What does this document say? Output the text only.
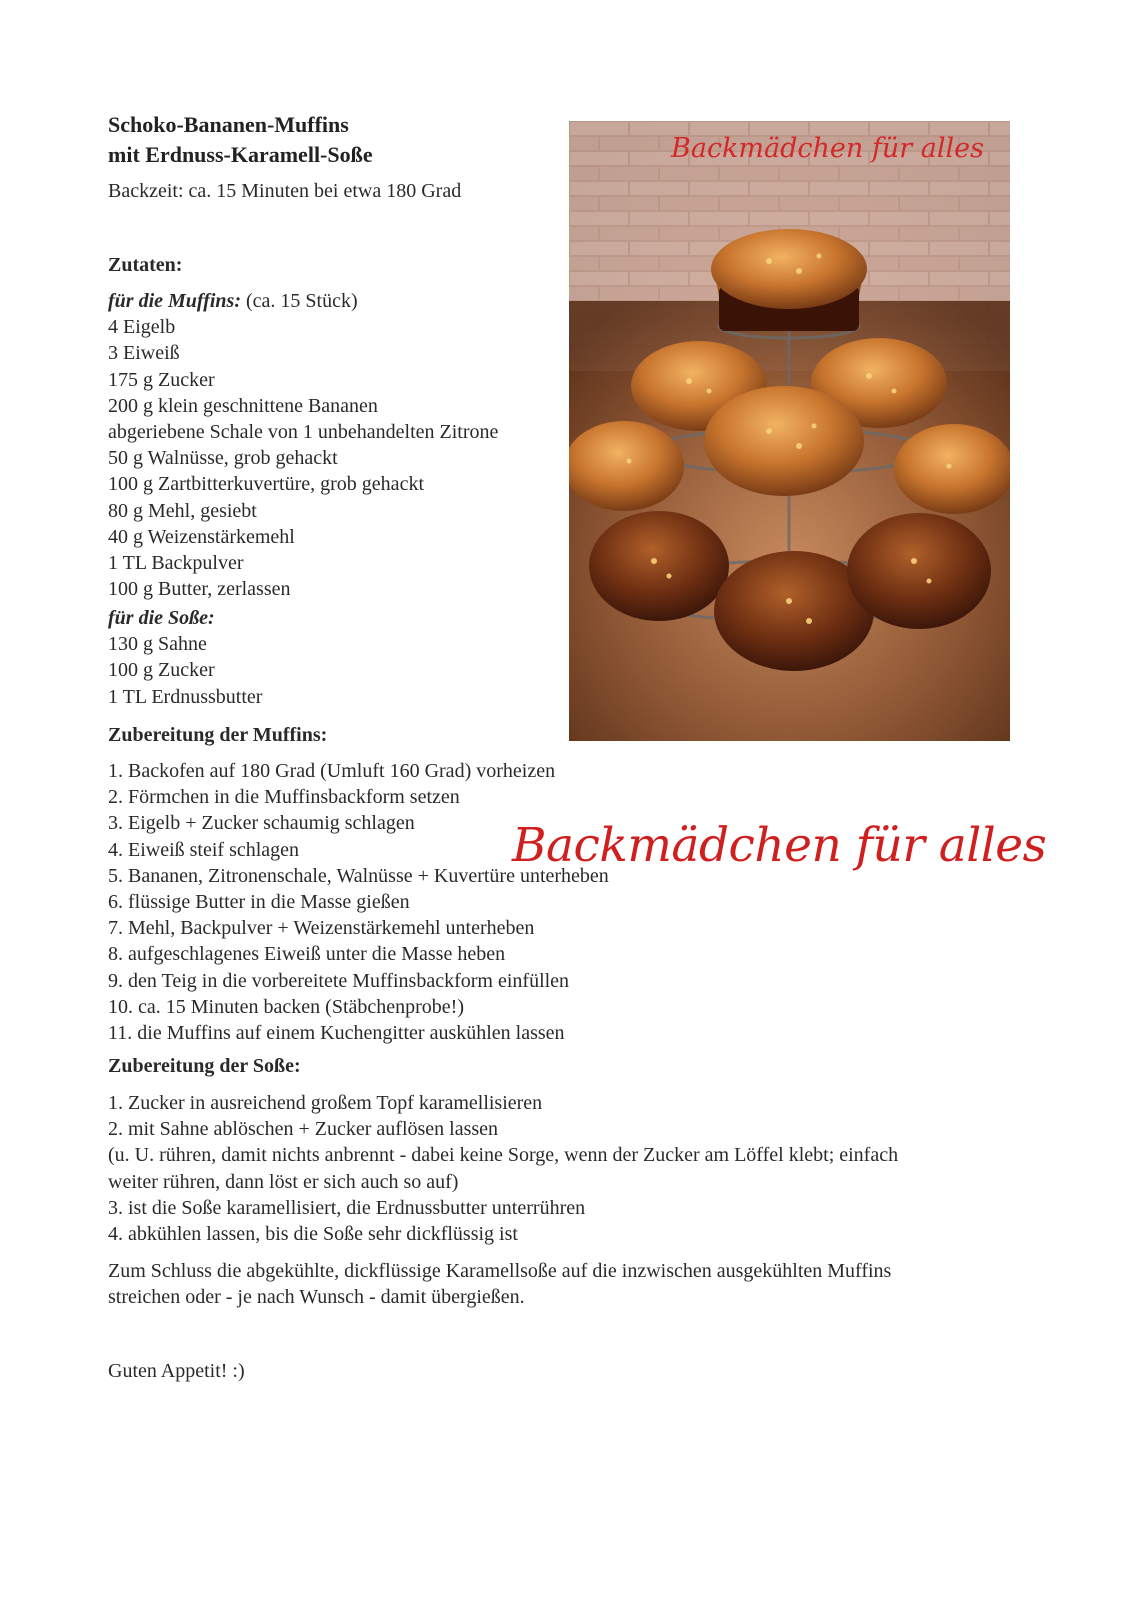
Schoko-Bananen-Muffins
mit Erdnuss-Karamell-Soße
Backzeit: ca. 15 Minuten bei etwa 180 Grad
Zutaten:
für die Muffins: (ca. 15 Stück)
4 Eigelb
3 Eiweiß
175 g Zucker
200 g klein geschnittene Bananen
abgeriebene Schale von 1 unbehandelten Zitrone
50 g Walnüsse, grob gehackt
100 g Zartbitterkuvertüre, grob gehackt
80 g Mehl, gesiebt
40 g Weizenstärkemehl
1 TL Backpulver
100 g Butter, zerlassen
für die Soße:
130 g Sahne
100 g Zucker
1 TL Erdnussbutter
Zubereitung der Muffins:
1. Backofen auf 180 Grad (Umluft 160 Grad) vorheizen
2. Förmchen in die Muffinsbackform setzen
3. Eigelb + Zucker schaumig schlagen
4. Eiweiß steif schlagen
5. Bananen, Zitronenschale, Walnüsse + Kuvertüre unterheben
6. flüssige Butter in die Masse gießen
7. Mehl, Backpulver + Weizenstärkemehl unterheben
8. aufgeschlagenes Eiweiß unter die Masse heben
9. den Teig in die vorbereitete Muffinsbackform einfüllen
10. ca. 15 Minuten backen (Stäbchenprobe!)
11. die Muffins auf einem Kuchengitter auskühlen lassen
Zubereitung der Soße:
1. Zucker in ausreichend großem Topf karamellisieren
2. mit Sahne ablöschen + Zucker auflösen lassen
(u. U. rühren, damit nichts anbrennt - dabei keine Sorge, wenn der Zucker am Löffel klebt; einfach
weiter rühren, dann löst er sich auch so auf)
3. ist die Soße karamellisiert, die Erdnussbutter unterrühren
4. abkühlen lassen, bis die Soße sehr dickflüssig ist
Zum Schluss die abgekühlte, dickflüssige Karamellsoße auf die inzwischen ausgekühlten Muffins
streichen oder - je nach Wunsch - damit übergießen.
Guten Appetit! :)
Backmädchen für alles
Backmädchen für alles
